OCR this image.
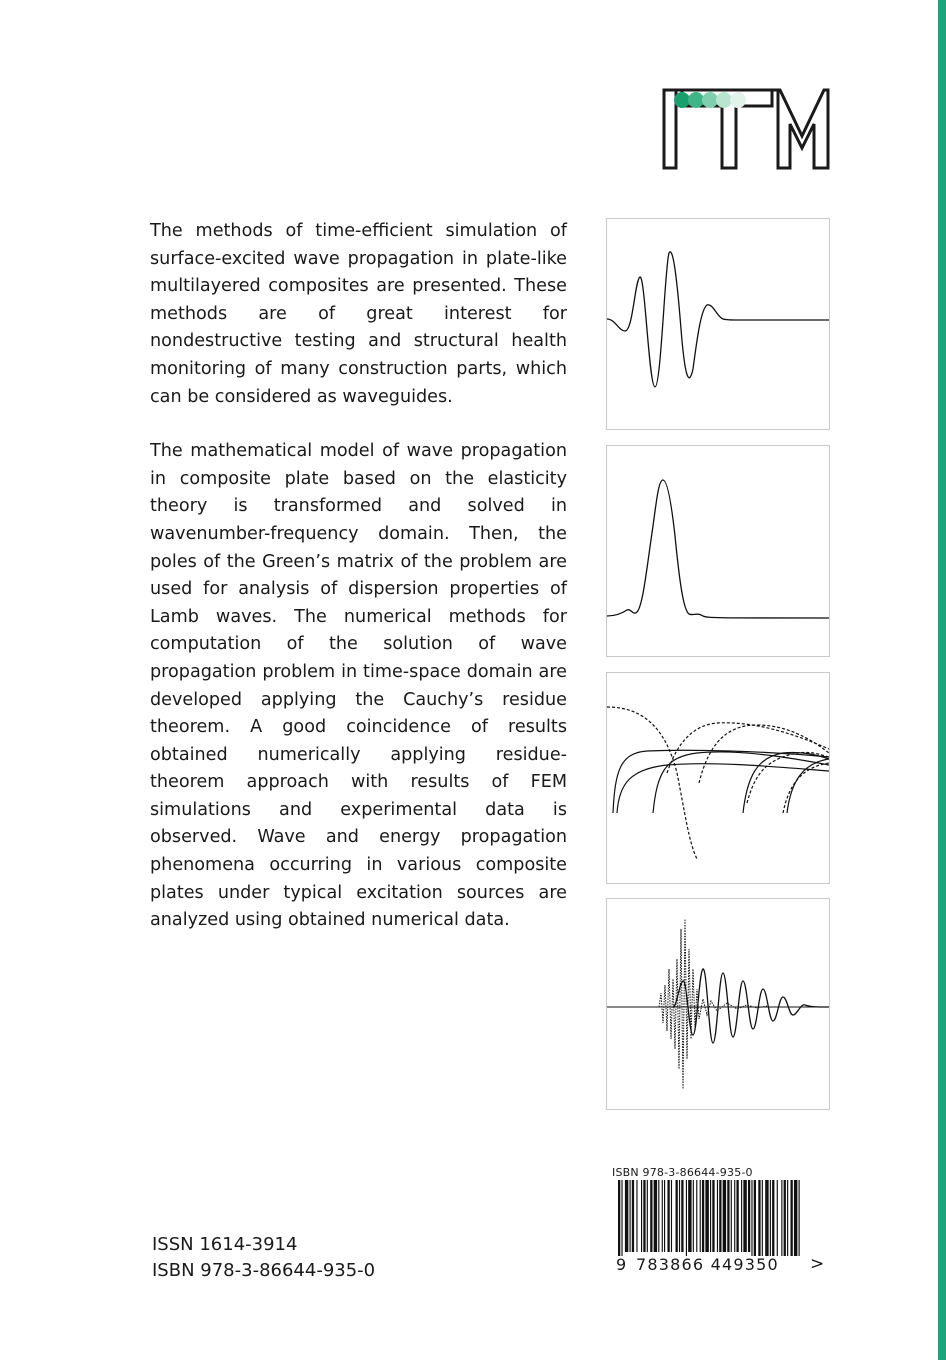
The methods of time-efficient simulation of surface-excited wave propagation in plate-like multilayered composites are presented. These methods are of great interest for nondestructive testing and structural health monitoring of many construction parts, which can be considered as waveguides.

The mathematical model of wave propagation in composite plate based on the elasticity theory is transformed and solved in wavenumber-frequency domain. Then, the poles of the Green’s matrix of the problem are used for analysis of dispersion properties of Lamb waves. The numerical methods for computation of the solution of wave propagation problem in time-space domain are developed applying the Cauchy’s residue theorem. A good coincidence of results obtained numerically applying residue-theorem approach with results of FEM simulations and experimental data is observed. Wave and energy propagation phenomena occurring in various composite plates under typical excitation sources are analyzed using obtained numerical data.

ISSN 1614-3914
ISBN 978-3-86644-935-0
ISBN 978-3-86644-935-0
9 783866 449350 >
